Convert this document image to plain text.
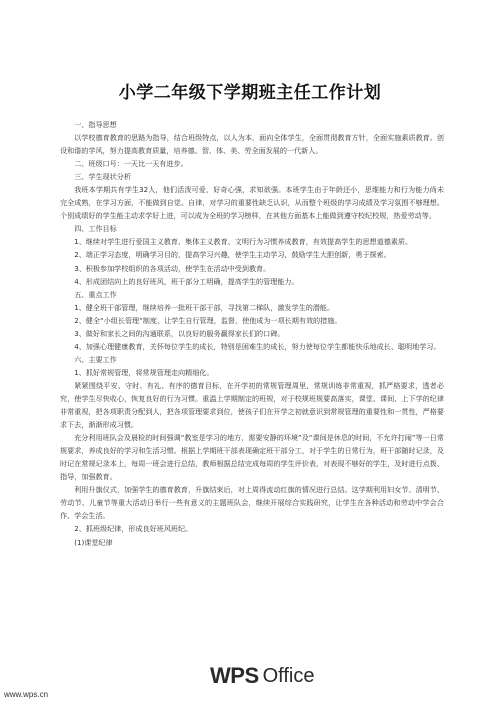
小学二年级下学期班主任工作计划

一、指导思想

以学校德育教育的思路为指导，结合班级特点，以人为本，面向全体学生，全面贯彻教育方针，全面实施素质教育。创设和谐的学风，努力提高教育质量，培养德、智、体、美、劳全面发展的一代新人。

二、班级口号：一天比一天有进步。

三、学生现状分析

我班本学期共有学生32人，他们活泼可爱，好奇心强，求知欲强。本班学生由于年龄还小，思维能力和行为能力尚未完全成熟，在学习方面，不能做到自觉、自律，对学习的重要性缺乏认识，从而整个班级的学习成绩及学习氛围不够理想。个别成绩好的学生能主动求学好上进，可以成为全班的学习榜样，在其他方面基本上能做到遵守校纪校规，热爱劳动等。

四、工作目标

1、继续对学生进行爱国主义教育、集体主义教育、文明行为习惯养成教育，有效提高学生的思想道德素质。

2、端正学习态度，明确学习目的，提高学习兴趣，使学生主动学习，鼓励学生大胆创新，勇于探索。

3、积极参加学校组织的各项活动，使学生在活动中受到教育。

4、形成团结向上的良好班风，班干部分工明确，提高学生的管理能力。

五、重点工作

1、健全班干部管理，继续培养一批班干部干部，寻找第二梯队，激发学生的潜能。

2、健全“小组长管理”制度，让学生自行管理，监督，使他成为一项长期有效的措施。

3、做好和家长之间的沟通联系，以良好的服务赢得家长们的口碑。

4、加强心理健康教育，关怀每位学生的成长，特别是困难生的成长，努力使每位学生都能快乐地成长、聪明地学习。

六、主要工作

1、抓好常规管理，将常规管理走向精细化。

紧紧围绕平安、守时、有礼、有序的德育目标，在开学初的常规管理周里，常规训练非常重视，抓严格要求，透者必究，使学生尽快收心，恢复良好的行为习惯。重温上学期制定的班规，对于校规班规要高落实，课堂、课间、上下学的纪律非常重视，把各项职责分配到人，把各项管理要求到位，使孩子们在开学之初就意识到常规管理的重要性和一贯性，严格要求下去，渐渐形成习惯。

充分利用班队会及晨检的时间强调“教室是学习的地方，需要安静的环境”及“课间是休息的时间，不允许打闹”等一日常规要求，养成良好的学习和生活习惯。根据上学期班干部表现确定班干部分工，对于学生的日常行为，班干部随时记录，及时记在常规记录本上，每周一班会进行总结，教师根据总结完成每周的学生评价表，对表现不够好的学生，及时进行点拨、指导，加强教育。

利用升旗仪式，加强学生的德育教育，升旗结束后，对上周得流动红旗的情况进行总结。这学期利用妇女节、清明节、劳动节、儿童节等重大活动日举行一些有意义的主题班队会，继续开展综合实践研究，让学生在各种活动和劳动中学会合作、学会生活。

2、抓班级纪律，形成良好班风班纪。

(1)课堂纪律

WPS Office
www.wps.cn
